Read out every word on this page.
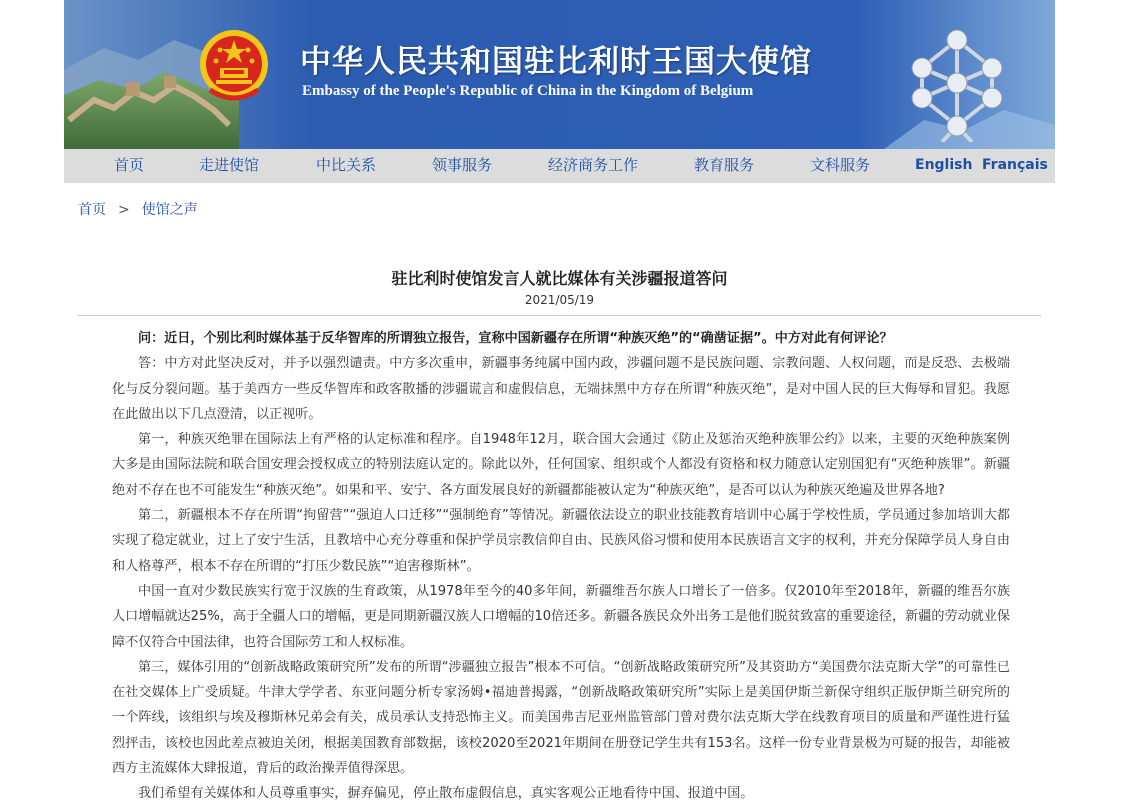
中华人民共和国驻比利时王国大使馆
Embassy of the People's Republic of China in the Kingdom of Belgium
首页	走进使馆	中比关系	领事服务	经济商务工作	教育服务	文科服务	English Français
首页 > 使馆之声
驻比利时使馆发言人就比媒体有关涉疆报道答问
2021/05/19

问：近日，个别比利时媒体基于反华智库的所谓独立报告，宣称中国新疆存在所谓“种族灭绝”的“确凿证据”。中方对此有何评论？

答：中方对此坚决反对，并予以强烈谴责。中方多次重申，新疆事务纯属中国内政，涉疆问题不是民族问题、宗教问题、人权问题，而是反恐、去极端化与反分裂问题。基于美西方一些反华智库和政客散播的涉疆谎言和虚假信息，无端抹黑中方存在所谓“种族灭绝”，是对中国人民的巨大侮辱和冒犯。我愿在此做出以下几点澄清，以正视听。

第一，种族灭绝罪在国际法上有严格的认定标准和程序。自1948年12月，联合国大会通过《防止及惩治灭绝种族罪公约》以来，主要的灭绝种族案例大多是由国际法院和联合国安理会授权成立的特别法庭认定的。除此以外，任何国家、组织或个人都没有资格和权力随意认定别国犯有“灭绝种族罪”。新疆绝对不存在也不可能发生“种族灭绝”。如果和平、安宁、各方面发展良好的新疆都能被认定为“种族灭绝”，是否可以认为种族灭绝遍及世界各地?

第二，新疆根本不存在所谓“拘留营”“强迫人口迁移”“强制绝育”等情况。新疆依法设立的职业技能教育培训中心属于学校性质，学员通过参加培训大都实现了稳定就业，过上了安宁生活，且教培中心充分尊重和保护学员宗教信仰自由、民族风俗习惯和使用本民族语言文字的权利，并充分保障学员人身自由和人格尊严，根本不存在所谓的“打压少数民族”“迫害穆斯林”。

中国一直对少数民族实行宽于汉族的生育政策，从1978年至今的40多年间，新疆维吾尔族人口增长了一倍多。仅2010年至2018年，新疆的维吾尔族人口增幅就达25%，高于全疆人口的增幅，更是同期新疆汉族人口增幅的10倍还多。新疆各族民众外出务工是他们脱贫致富的重要途径，新疆的劳动就业保障不仅符合中国法律，也符合国际劳工和人权标准。

第三，媒体引用的“创新战略政策研究所”发布的所谓“涉疆独立报告”根本不可信。“创新战略政策研究所”及其资助方“美国费尔法克斯大学”的可靠性已在社交媒体上广受质疑。牛津大学学者、东亚问题分析专家汤姆•福迪普揭露，“创新战略政策研究所”实际上是美国伊斯兰新保守组织正版伊斯兰研究所的一个阵线，该组织与埃及穆斯林兄弟会有关，成员承认支持恐怖主义。而美国弗吉尼亚州监管部门曾对费尔法克斯大学在线教育项目的质量和严谨性进行猛烈抨击，该校也因此差点被迫关闭，根据美国教育部数据，该校2020至2021年期间在册登记学生共有153名。这样一份专业背景极为可疑的报告，却能被西方主流媒体大肆报道，背后的政治操弄值得深思。

我们希望有关媒体和人员尊重事实，摒弃偏见，停止散布虚假信息，真实客观公正地看待中国、报道中国。
